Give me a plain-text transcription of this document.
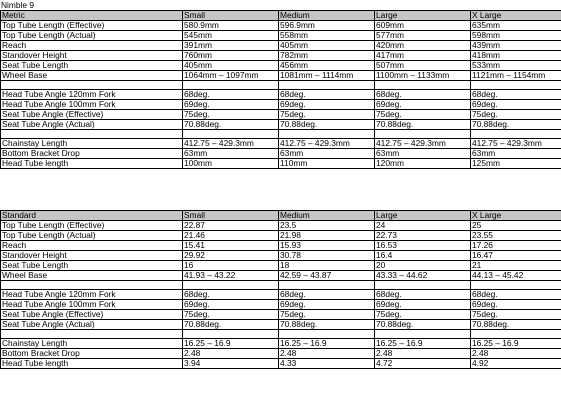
Nimble 9
Metric	Small	Medium	Large	X Large
Top Tube Length (Effective)	580.9mm	596.9mm	609mm	635mm
Top Tube Length (Actual)	545mm	558mm	577mm	598mm
Reach	391mm	405mm	420mm	439mm
Standover Height	760mm	782mm	417mm	418mm
Seat Tube Length	405mm	456mm	507mm	533mm
Wheel Base	1064mm – 1097mm	1081mm – 1114mm	1100mm – 1133mm	1121mm – 1154mm

Head Tube Angle 120mm Fork	68deg.	68deg.	68deg.	68deg.
Head Tube Angle 100mm Fork	69deg.	69deg.	69deg.	69deg.
Seat Tube Angle (Effective)	75deg.	75deg.	75deg.	75deg.
Seat Tube Angle (Actual)	70.88deg.	70.88deg.	70.88deg.	70.88deg.

Chainstay Length	412.75 – 429.3mm	412.75 – 429.3mm	412.75 – 429.3mm	412.75 – 429.3mm
Bottom Bracket Drop	63mm	63mm	63mm	63mm
Head Tube length	100mm	110mm	120mm	125mm
Standard	Small	Medium	Large	X Large
Top Tube Length (Effective)	22.87	23.5	24	25
Top Tube Length (Actual)	21.46	21.98	22.73	23.55
Reach	15.41	15.93	16.53	17.26
Standover Height	29.92	30.78	16.4	16.47
Seat Tube Length	16	18	20	21
Wheel Base	41.93 – 43.22	42.59 – 43.87	43.33 – 44.62	44.13 – 45.42

Head Tube Angle 120mm Fork	68deg.	68deg.	68deg.	68deg.
Head Tube Angle 100mm Fork	69deg.	69deg.	69deg.	69deg.
Seat Tube Angle (Effective)	75deg.	75deg.	75deg.	75deg.
Seat Tube Angle (Actual)	70.88deg.	70.88deg.	70.88deg.	70.88deg.

Chainstay Length	16.25 – 16.9	16.25 – 16.9	16.25 – 16.9	16.25 – 16.9
Bottom Bracket Drop	2.48	2.48	2.48	2.48
Head Tube length	3.94	4.33	4.72	4.92
